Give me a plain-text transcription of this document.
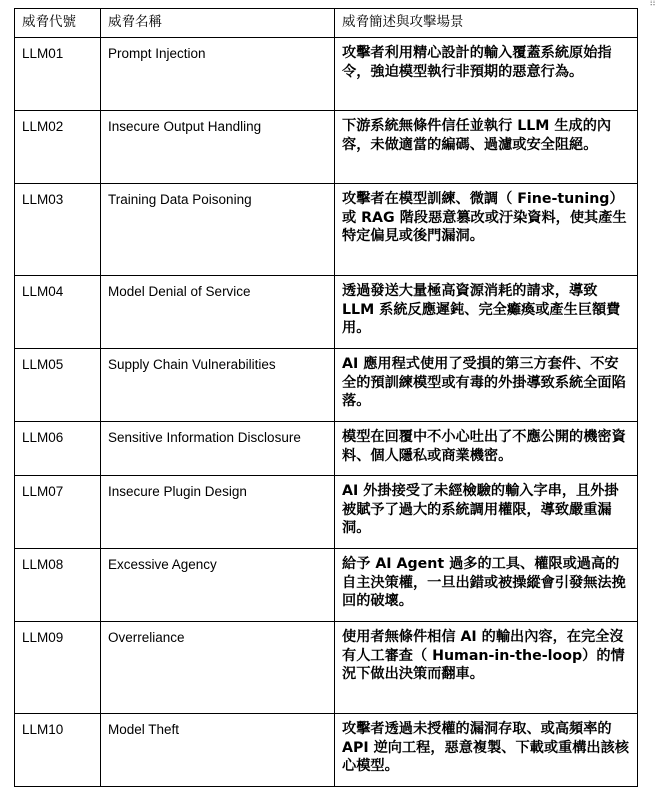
⠿
威脅代號	威脅名稱	威脅簡述與攻擊場景
LLM01	Prompt Injection	攻擊者利用精心設計的輸入覆蓋系統原始指令，強迫模型執行非預期的惡意行為。
LLM02	Insecure Output Handling	下游系統無條件信任並執行 LLM 生成的內容，未做適當的編碼、過濾或安全阻絕。
LLM03	Training Data Poisoning	攻擊者在模型訓練、微調（ Fine-tuning）或 RAG 階段惡意篡改或汙染資料，使其產生特定偏見或後門漏洞。
LLM04	Model Denial of Service	透過發送大量極高資源消耗的請求，導致 LLM 系統反應遲鈍、完全癱瘓或產生巨額費用。
LLM05	Supply Chain Vulnerabilities	AI 應用程式使用了受損的第三方套件、不安全的預訓練模型或有毒的外掛導致系統全面陷落。
LLM06	Sensitive Information Disclosure	模型在回覆中不小心吐出了不應公開的機密資料、個人隱私或商業機密。
LLM07	Insecure Plugin Design	AI 外掛接受了未經檢驗的輸入字串，且外掛被賦予了過大的系統調用權限，導致嚴重漏洞。
LLM08	Excessive Agency	給予 AI Agent 過多的工具、權限或過高的自主決策權，一旦出錯或被操縱會引發無法挽回的破壞。
LLM09	Overreliance	使用者無條件相信 AI 的輸出內容，在完全沒有人工審查（ Human-in-the-loop）的情況下做出決策而翻車。
LLM10	Model Theft	攻擊者透過未授權的漏洞存取、或高頻率的 API 逆向工程，惡意複製、下載或重構出該核心模型。
